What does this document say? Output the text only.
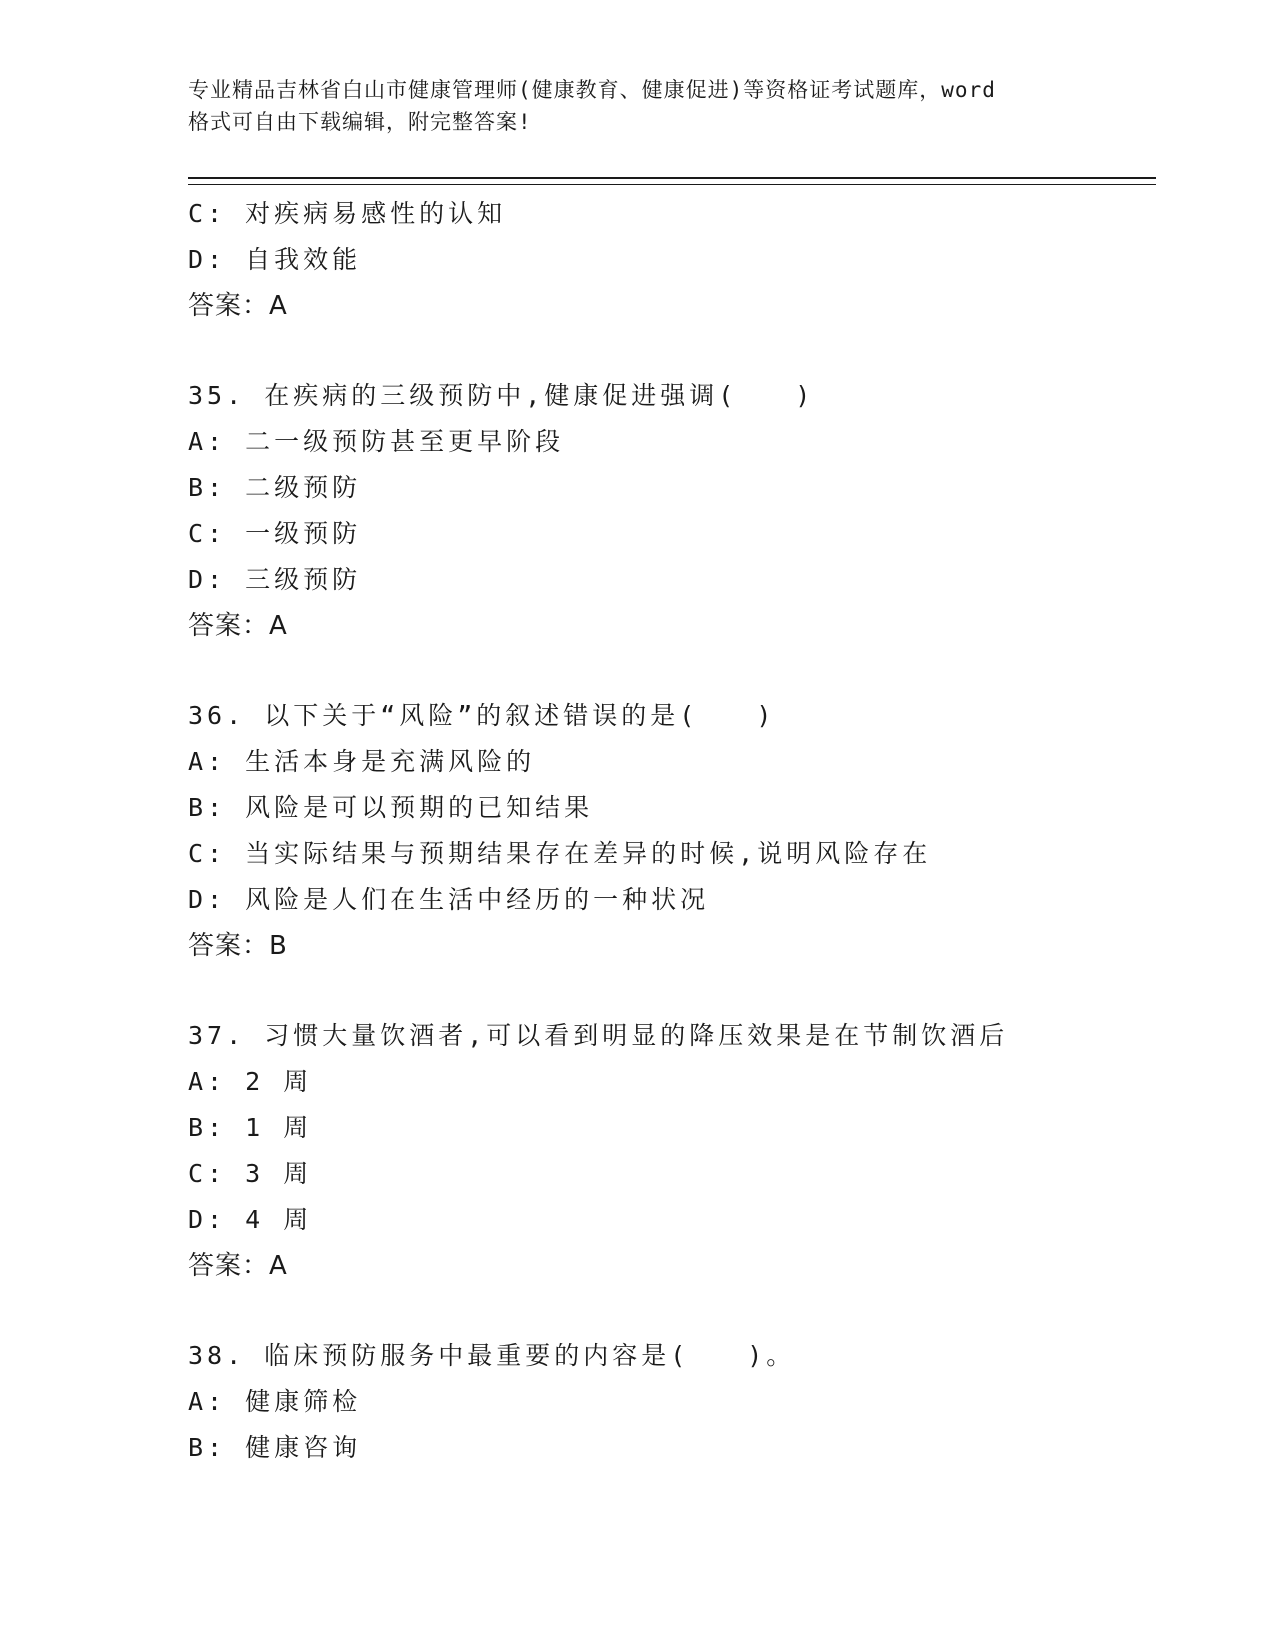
专业精品吉林省白山市健康管理师(健康教育、健康促进)等资格证考试题库，word
格式可自由下载编辑，附完整答案!
C: 对疾病易感性的认知
D: 自我效能
答案：A
35. 在疾病的三级预防中,健康促进强调(　　)
A: 二一级预防甚至更早阶段
B: 二级预防
C: 一级预防
D: 三级预防
答案：A
36. 以下关于“风险”的叙述错误的是(　　)
A: 生活本身是充满风险的
B: 风险是可以预期的已知结果
C: 当实际结果与预期结果存在差异的时候,说明风险存在
D: 风险是人们在生活中经历的一种状况
答案：B
37. 习惯大量饮酒者,可以看到明显的降压效果是在节制饮酒后
A: 2 周
B: 1 周
C: 3 周
D: 4 周
答案：A
38. 临床预防服务中最重要的内容是(　　)。
A: 健康筛检
B: 健康咨询
